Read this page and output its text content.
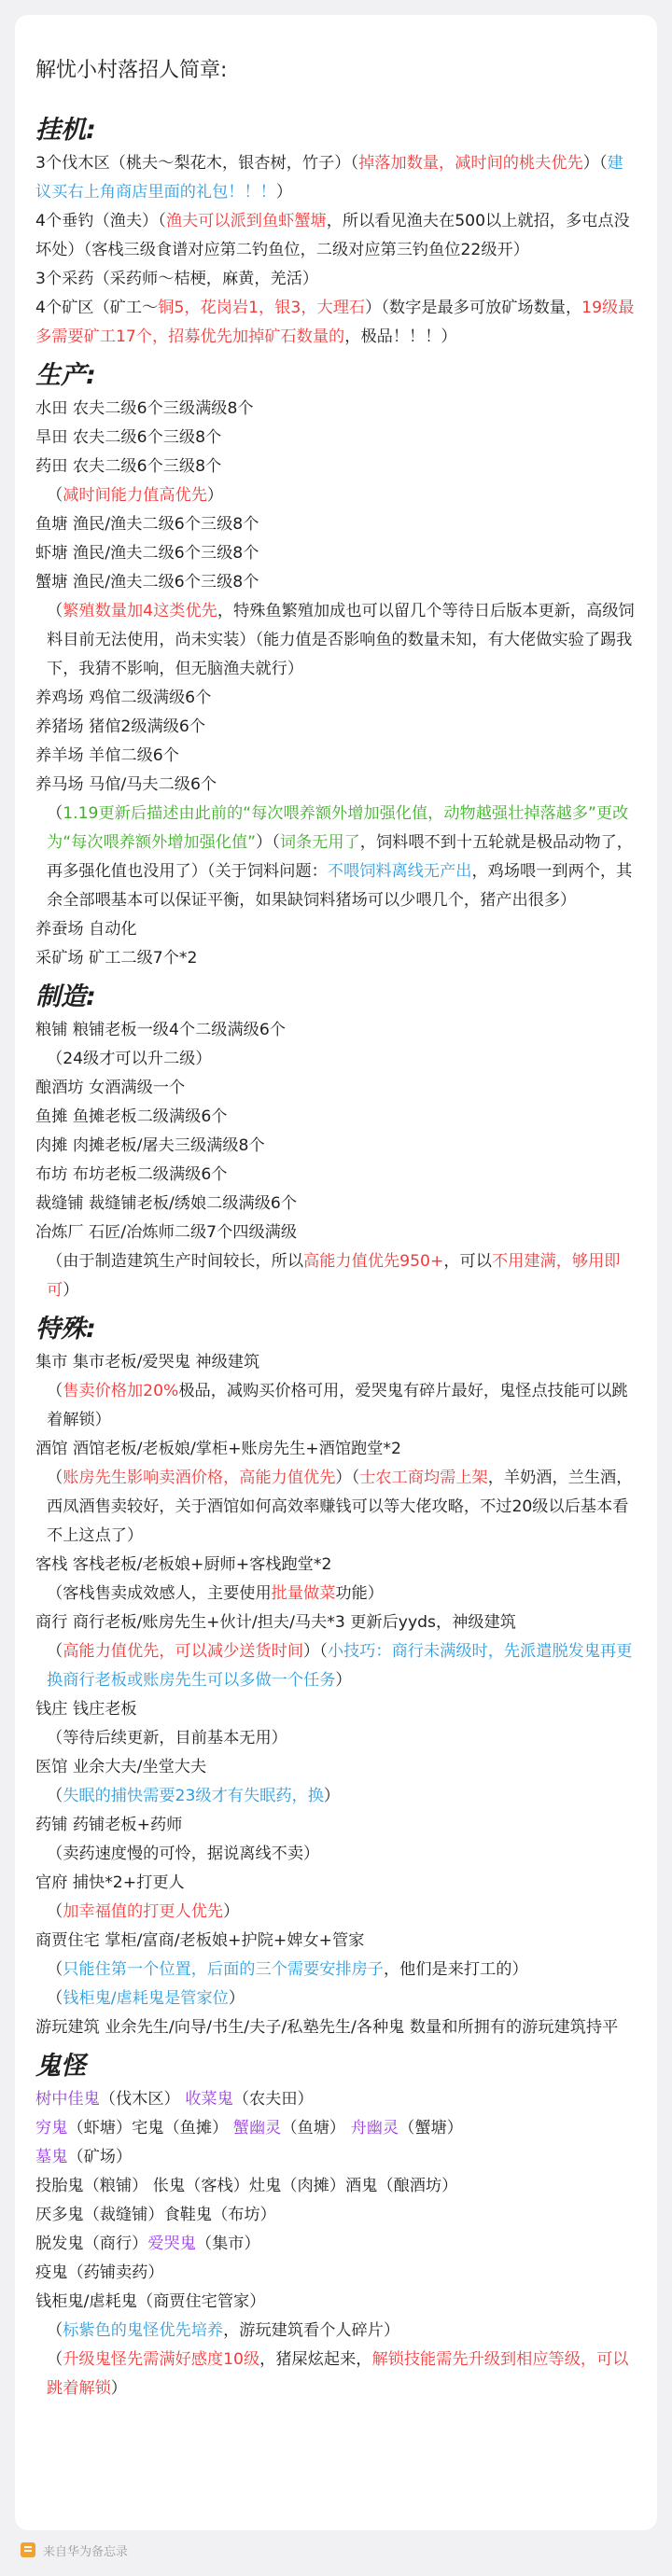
解忧小村落招人简章:
挂机:

3个伐木区（桃夫～梨花木，银杏树，竹子）（掉落加数量，减时间的桃夫优先）（建议买右上角商店里面的礼包！！！）

4个垂钓（渔夫）（渔夫可以派到鱼虾蟹塘，所以看见渔夫在500以上就招，多屯点没坏处）（客栈三级食谱对应第二钓鱼位，二级对应第三钓鱼位22级开）

3个采药（采药师～桔梗，麻黄，羌活）

4个矿区（矿工～铜5，花岗岩1，银3，大理石）（数字是最多可放矿场数量，19级最多需要矿工17个，招募优先加掉矿石数量的，极品！！！）

生产:

水田 农夫二级6个三级满级8个

旱田 农夫二级6个三级8个

药田 农夫二级6个三级8个

（减时间能力值高优先）

鱼塘 渔民/渔夫二级6个三级8个

虾塘 渔民/渔夫二级6个三级8个

蟹塘 渔民/渔夫二级6个三级8个

（繁殖数量加4这类优先，特殊鱼繁殖加成也可以留几个等待日后版本更新，高级饲料目前无法使用，尚未实装）（能力值是否影响鱼的数量未知，有大佬做实验了踢我下，我猜不影响，但无脑渔夫就行）

养鸡场 鸡倌二级满级6个

养猪场 猪倌2级满级6个

养羊场 羊倌二级6个

养马场 马倌/马夫二级6个

（1.19更新后描述由此前的“每次喂养额外增加强化值，动物越强壮掉落越多”更改为“每次喂养额外增加强化值”）（词条无用了，饲料喂不到十五轮就是极品动物了，再多强化值也没用了）（关于饲料问题：不喂饲料离线无产出，鸡场喂一到两个，其余全部喂基本可以保证平衡，如果缺饲料猪场可以少喂几个，猪产出很多）

养蚕场 自动化

采矿场 矿工二级7个*2

制造:

粮铺 粮铺老板一级4个二级满级6个

（24级才可以升二级）

酿酒坊 女酒满级一个

鱼摊 鱼摊老板二级满级6个

肉摊 肉摊老板/屠夫三级满级8个

布坊 布坊老板二级满级6个

裁缝铺 裁缝铺老板/绣娘二级满级6个

冶炼厂 石匠/冶炼师二级7个四级满级

（由于制造建筑生产时间较长，所以高能力值优先950+，可以不用建满，够用即可）

特殊:

集市 集市老板/爱哭鬼 神级建筑

（售卖价格加20%极品，减购买价格可用，爱哭鬼有碎片最好，鬼怪点技能可以跳着解锁）

酒馆 酒馆老板/老板娘/掌柜+账房先生+酒馆跑堂*2

（账房先生影响卖酒价格，高能力值优先）（士农工商均需上架，羊奶酒，兰生酒，西凤酒售卖较好，关于酒馆如何高效率赚钱可以等大佬攻略，不过20级以后基本看不上这点了）

客栈 客栈老板/老板娘+厨师+客栈跑堂*2

（客栈售卖成效感人，主要使用批量做菜功能）

商行 商行老板/账房先生+伙计/担夫/马夫*3 更新后yyds，神级建筑

（高能力值优先，可以减少送货时间）（小技巧：商行未满级时，先派遣脱发鬼再更换商行老板或账房先生可以多做一个任务）

钱庄 钱庄老板

（等待后续更新，目前基本无用）

医馆 业余大夫/坐堂大夫

（失眠的捕快需要23级才有失眠药，换）

药铺 药铺老板+药师

（卖药速度慢的可怜，据说离线不卖）

官府 捕快*2+打更人

（加幸福值的打更人优先）

商贾住宅 掌柜/富商/老板娘+护院+婢女+管家

（只能住第一个位置，后面的三个需要安排房子，他们是来打工的）

（钱柜鬼/虐耗鬼是管家位）

游玩建筑 业余先生/向导/书生/夫子/私塾先生/各种鬼 数量和所拥有的游玩建筑持平

鬼怪

树中佳鬼（伐木区） 收菜鬼（农夫田）

穷鬼（虾塘）宅鬼（鱼摊） 蟹幽灵（鱼塘） 舟幽灵（蟹塘）

墓鬼（矿场）

投胎鬼（粮铺） 伥鬼（客栈）灶鬼（肉摊）酒鬼（酿酒坊）

厌多鬼（裁缝铺）食鞋鬼（布坊）

脱发鬼（商行）爱哭鬼（集市）

疫鬼（药铺卖药）

钱柜鬼/虐耗鬼（商贾住宅管家）

（标紫色的鬼怪优先培养，游玩建筑看个人碎片）

（升级鬼怪先需满好感度10级，猪屎炫起来，解锁技能需先升级到相应等级，可以跳着解锁）

来自华为备忘录
